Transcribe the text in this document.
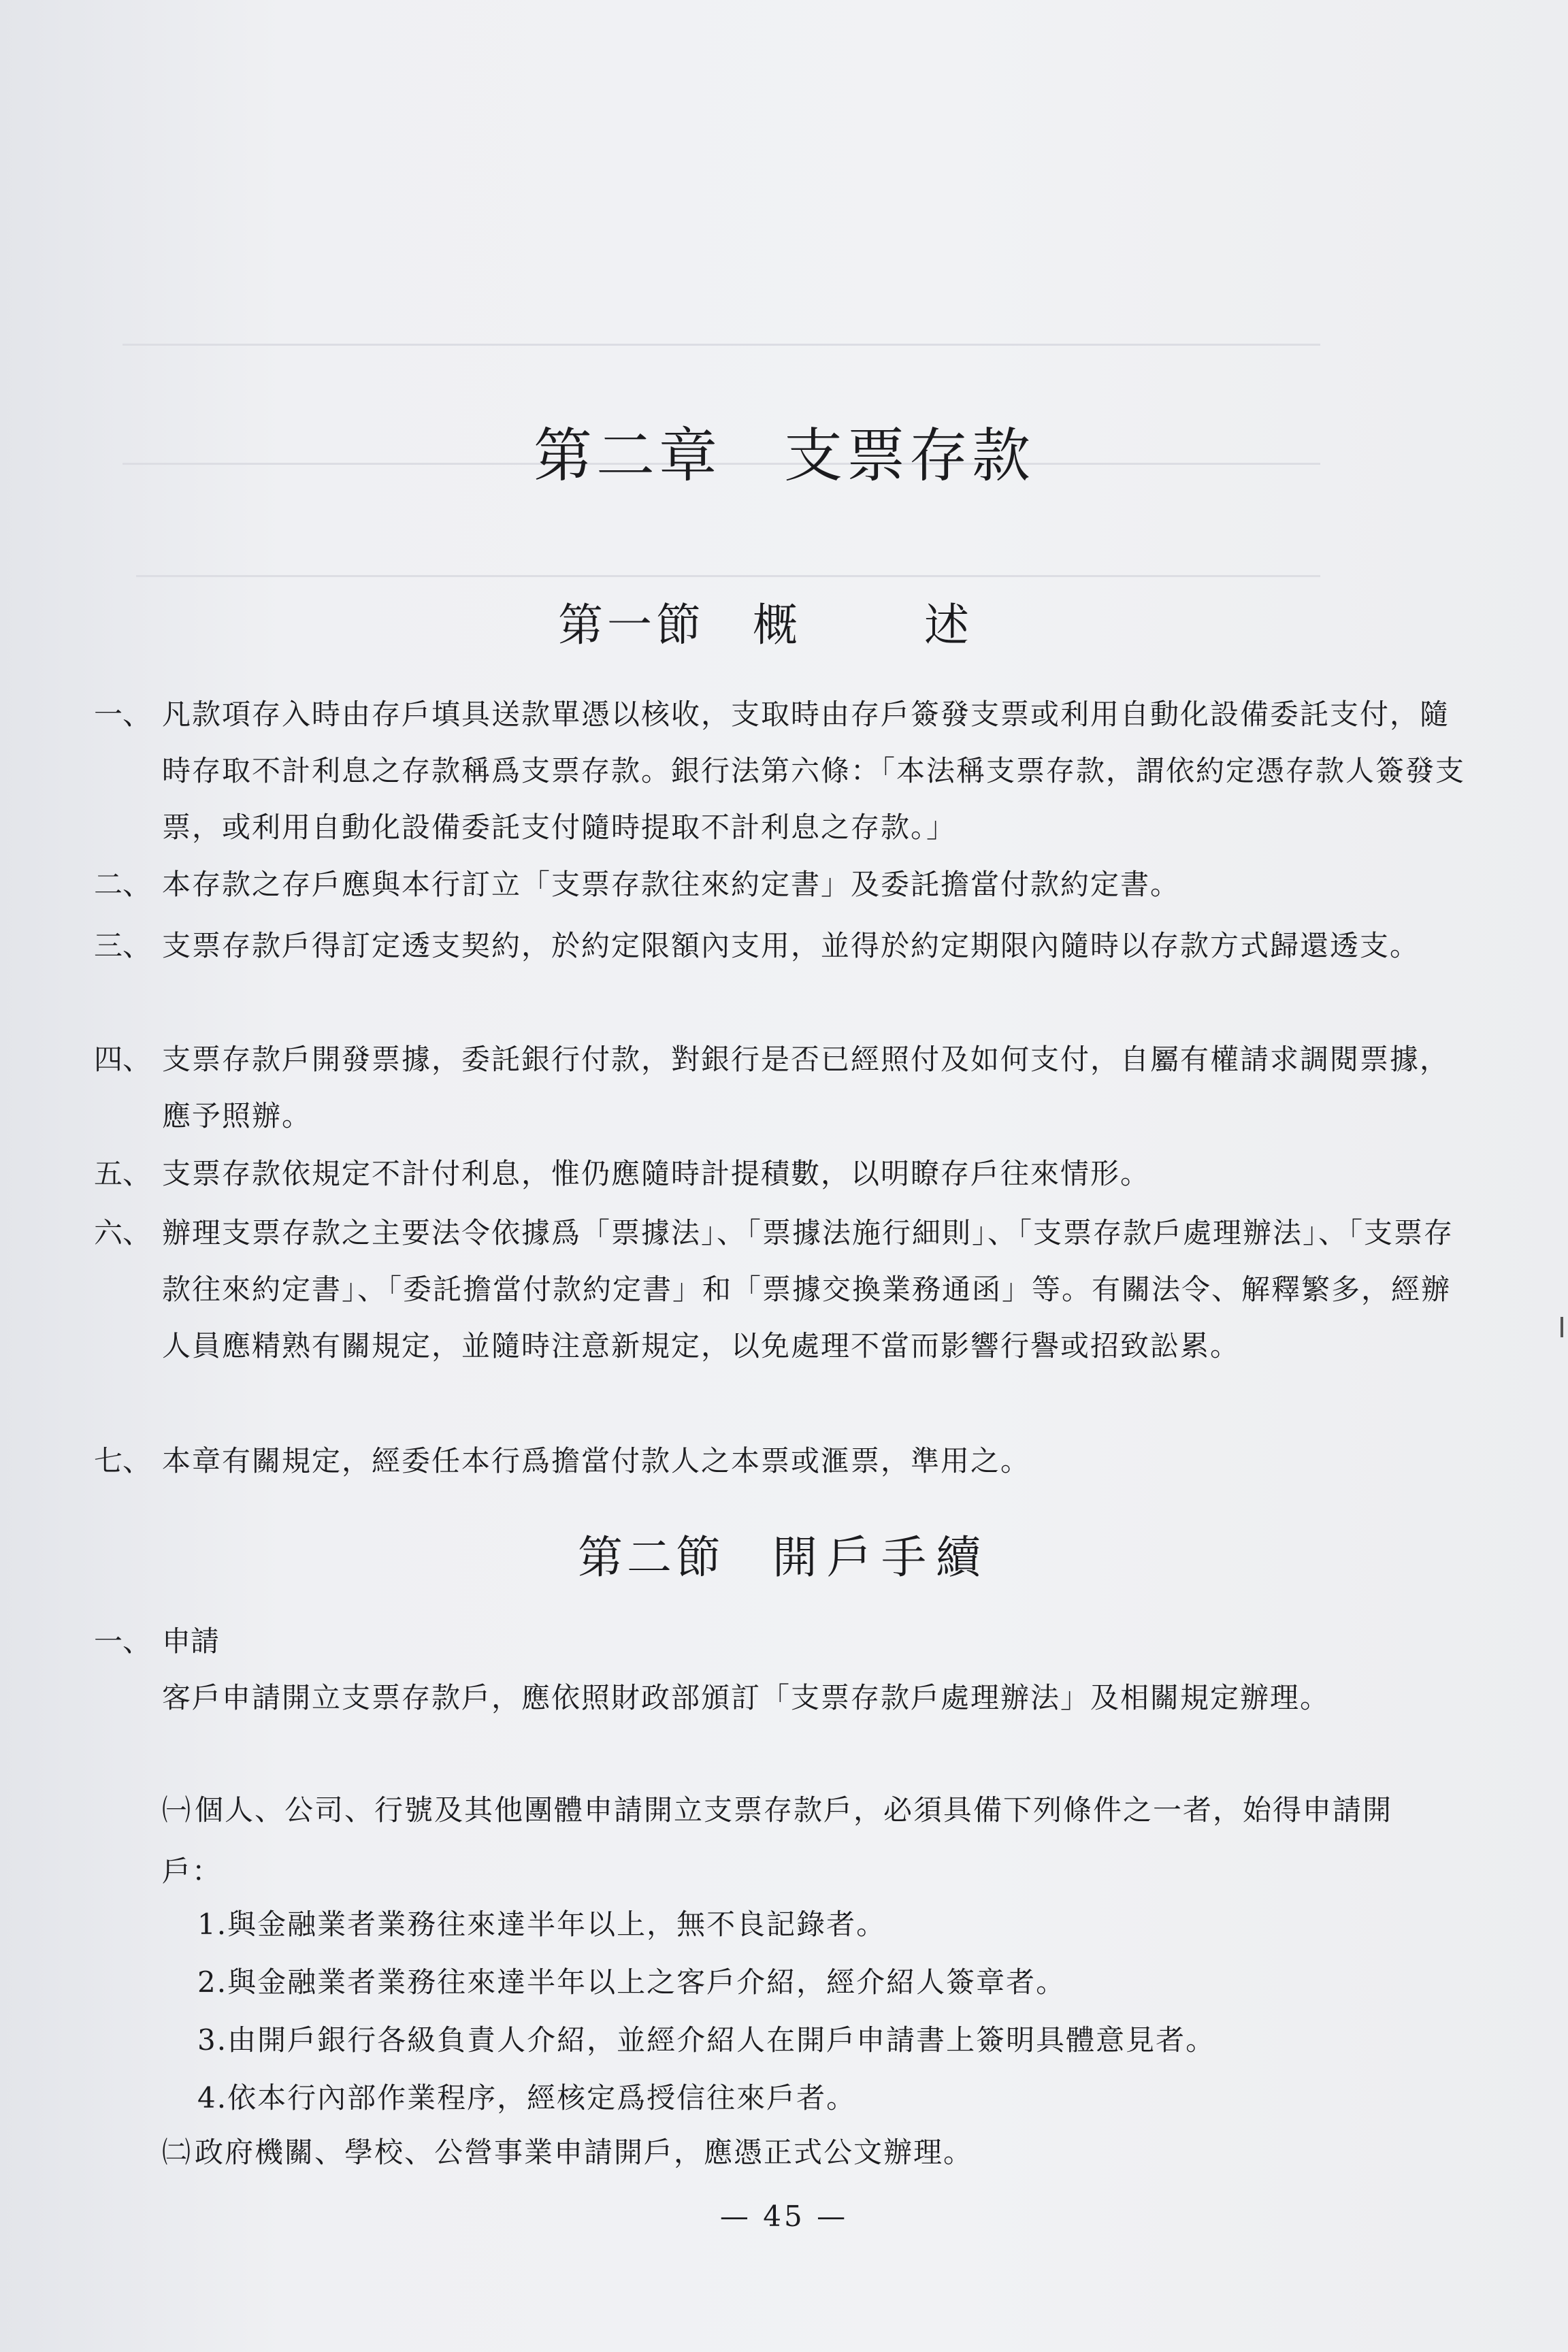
第二章　支票存款
第一節 概　述
一、 凡款項存入時由存戶填具送款單憑以核收，支取時由存戶簽發支票或利用自動化設備委託支付，隨時存取不計利息之存款稱爲支票存款。銀行法第六條：「本法稱支票存款，謂依約定憑存款人簽發支票，或利用自動化設備委託支付隨時提取不計利息之存款。」
二、 本存款之存戶應與本行訂立「支票存款往來約定書」及委託擔當付款約定書。
三、 支票存款戶得訂定透支契約，於約定限額內支用，並得於約定期限內隨時以存款方式歸還透支。
四、 支票存款戶開發票據，委託銀行付款，對銀行是否已經照付及如何支付，自屬有權請求調閱票據，應予照辦。
五、 支票存款依規定不計付利息，惟仍應隨時計提積數，以明瞭存戶往來情形。
六、 辦理支票存款之主要法令依據爲「票據法」、「票據法施行細則」、「支票存款戶處理辦法」、「支票存款往來約定書」、「委託擔當付款約定書」和「票據交換業務通函」等。有關法令、解釋繁多，經辦人員應精熟有關規定，並隨時注意新規定，以免處理不當而影響行譽或招致訟累。
七、 本章有關規定，經委任本行爲擔當付款人之本票或滙票，準用之。
第二節 開戶手續
一、 申請
客戶申請開立支票存款戶，應依照財政部頒訂「支票存款戶處理辦法」及相關規定辦理。
㈠個人、公司、行號及其他團體申請開立支票存款戶，必須具備下列條件之一者，始得申請開戶：
1.與金融業者業務往來達半年以上，無不良記錄者。
2.與金融業者業務往來達半年以上之客戶介紹，經介紹人簽章者。
3.由開戶銀行各級負責人介紹，並經介紹人在開戶申請書上簽明具體意見者。
4.依本行內部作業程序，經核定爲授信往來戶者。
㈡政府機關、學校、公營事業申請開戶，應憑正式公文辦理。
— 45 —
